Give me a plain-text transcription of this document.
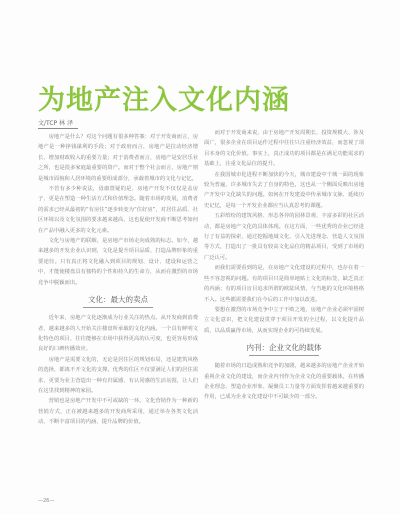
为地产注入文化内涵
文/TCP 林 泽

房地产是什么？对这个问题有很多种答案：对于开发商而言，房地产是一种挣钱谋利的手段；对于政府而言，房地产是拉动经济增长、增加财政收入的重要力量；对于消费者而言，房地产是安居乐业之所，也是很多家庭最重要的资产。而对于整个社会而言，房地产则是城市面貌和人居环境的重要组成部分，承载着城市的文化与记忆。

不管有多少种说法，毋庸置疑的是，房地产开发不仅仅是盖房子，更是在塑造一种生活方式和价值理念。随着市场的发展，消费者的需求已经从最初的“有房住”逐步转变为“住好房”，对居住品质、社区环境以及文化氛围的要求越来越高，这也促使开发商不断思考如何在产品中融入更多的文化元素。

文化与房地产的联姻，是房地产市场走向成熟的标志。如今，越来越多的开发企业认识到，文化是提升项目品质、打造品牌形象的重要途径。只有真正将文化融入到项目的规划、设计、建设和运营之中，才能使楼盘具有独特的个性和持久的生命力，从而在激烈的市场竞争中脱颖而出。

文化：最大的卖点

近年来，房地产文化逐渐成为行业关注的热点。从开发商到消费者，越来越多的人开始关注楼盘所承载的文化内涵。一个具有鲜明文化特色的项目，往往能够在市场中获得更高的认可度，也更容易形成良好的口碑传播效应。

房地产是需要文化的，无论是居住区的规划布局，还是建筑风格的选择，都离不开文化的支撑。优秀的住区不仅要满足人们的居住需求，更要为业主营造出一种有归属感、有认同感的生活氛围，让人们在这里找到精神的家园。

营销也是房地产开发中不可或缺的一环。文化营销作为一种新的营销方式，正在被越来越多的开发商所采用，通过举办各类文化活动，不断丰富项目的内涵，提升品牌的价值。

而对于开发商来说，由于房地产开发周期长、投资规模大、涉及面广，很多企业在项目运作过程中往往只注重经济效益，而忽视了项目本身的文化价值。事实上，真正成功的项目都是在满足功能需求的基础上，注重文化品位的提升。

在我国城市化进程不断加快的今天，城市建设中千城一面的现象较为普遍，许多城市失去了自身的特色，这也从一个侧面反映出房地产开发中文化缺失的问题。如何在开发建设中传承城市文脉、延续历史记忆，是每一个开发企业都应当认真思考的课题。

五彩缤纷的建筑风格、形态各异的园林景观、丰富多彩的社区活动，都是房地产文化的具体体现。在这方面，一些优秀的企业已经进行了有益的探索，通过挖掘地域文化、引入先进理念、营造人文氛围等方式，打造出了一批具有较高文化品位的精品项目，受到了市场的广泛认可。

而我们需要看到的是，在房地产文化建设的过程中，也存在着一些不容忽视的问题。有的项目只是简单地贴上文化的标签，缺乏真正的内涵；有的项目盲目追求所谓的欧陆风情，与当地的文化环境格格不入。这些都需要我们在今后的工作中加以改进。

要想在激烈的市场竞争中立于不败之地，房地产企业必须牢固树立文化意识，把文化建设贯穿于项目开发的全过程，以文化提升品质，以品质赢得市场，从而实现企业的可持续发展。

内刊：企业文化的载体

随着市场的日趋成熟和竞争的加剧，越来越多的房地产企业开始重视企业文化的建设，而企业内刊作为企业文化的重要载体，在传播企业理念、塑造企业形象、凝聚员工力量等方面发挥着越来越重要的作用，已成为企业文化建设中不可缺少的一部分。

—26—
